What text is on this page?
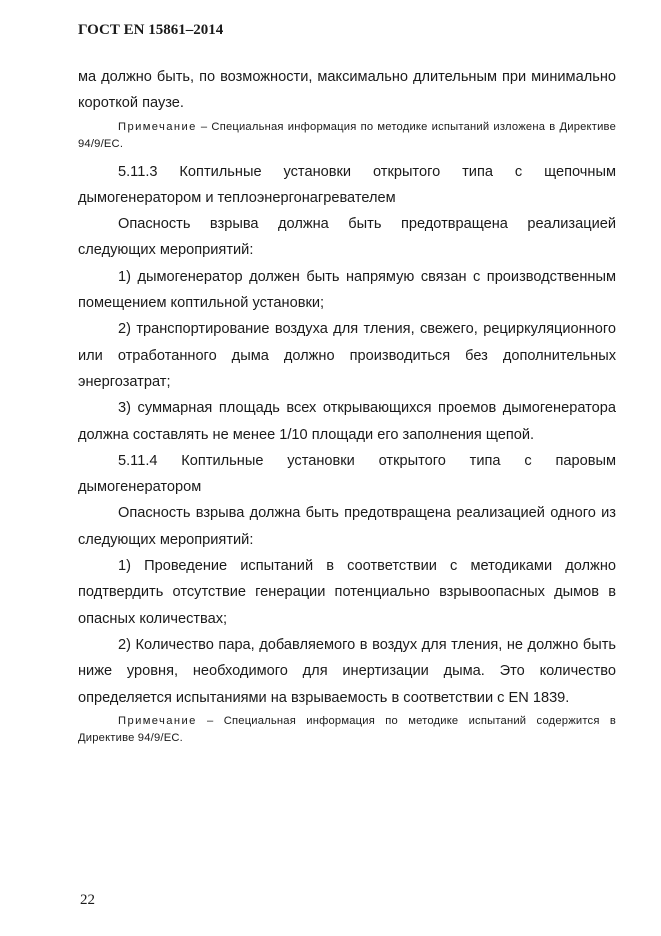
ГОСТ EN 15861–2014

ма должно быть, по возможности, максимально длительным при минимально короткой паузе.

Примечание – Специальная информация по методике испытаний изложена в Директиве 94/9/ЕС.

5.11.3 Коптильные установки открытого типа с щепочным дымогенератором и теплоэнергонагревателем

Опасность взрыва должна быть предотвращена реализацией следующих мероприятий:

1) дымогенератор должен быть напрямую связан с производственным помещением коптильной установки;

2) транспортирование воздуха для тления, свежего, рециркуляционного или отработанного дыма должно производиться без дополнительных энергозатрат;

3) суммарная площадь всех открывающихся проемов дымогенератора должна составлять не менее 1/10 площади его заполнения щепой.

5.11.4 Коптильные установки открытого типа с паровым дымогенератором

Опасность взрыва должна быть предотвращена реализацией одного из следующих мероприятий:

1) Проведение испытаний в соответствии с методиками должно подтвердить отсутствие генерации потенциально взрывоопасных дымов в опасных количествах;

2) Количество пара, добавляемого в воздух для тления, не должно быть ниже уровня, необходимого для инертизации дыма. Это количество определяется испытаниями на взрываемость в соответствии с EN 1839.

Примечание – Специальная информация по методике испытаний содержится в Директиве 94/9/ЕС.

22
